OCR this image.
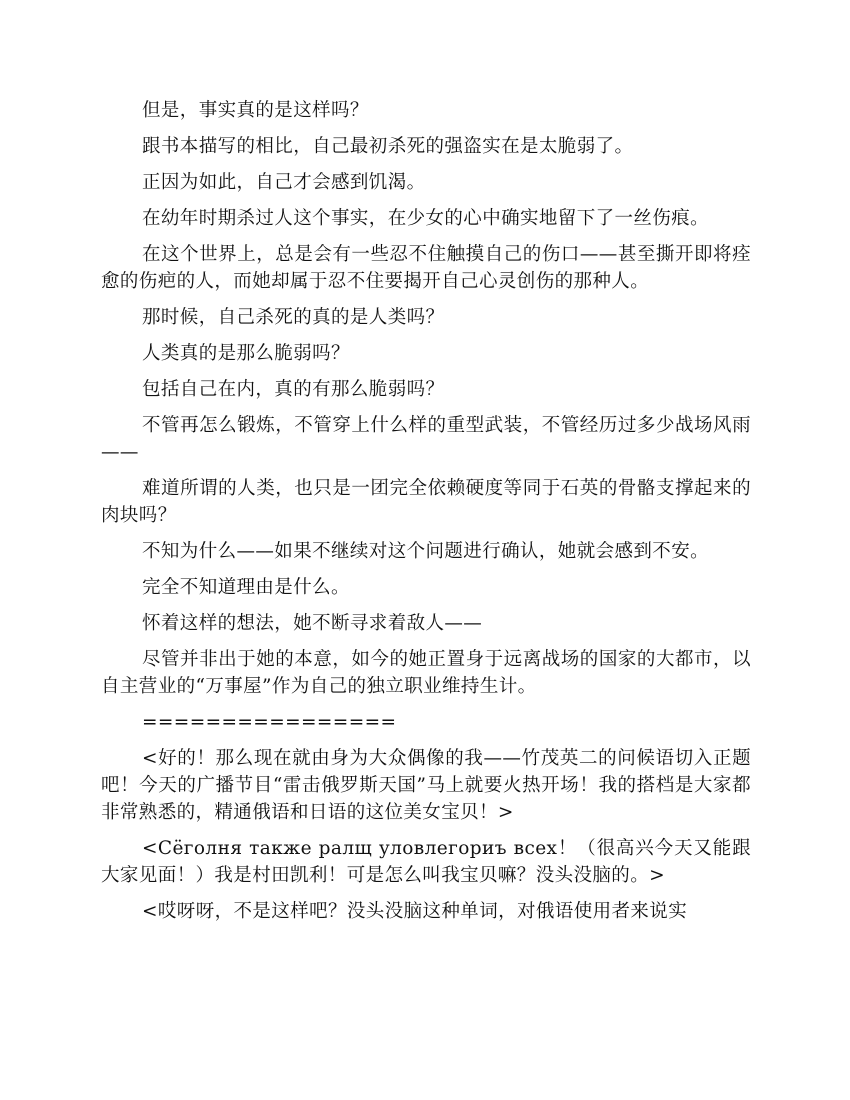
但是，事实真的是这样吗？

跟书本描写的相比，自己最初杀死的强盗实在是太脆弱了。

正因为如此，自己才会感到饥渴。

在幼年时期杀过人这个事实，在少女的心中确实地留下了一丝伤痕。

在这个世界上，总是会有一些忍不住触摸自己的伤口——甚至撕开即将痊愈的伤疤的人，而她却属于忍不住要揭开自己心灵创伤的那种人。

那时候，自己杀死的真的是人类吗？

人类真的是那么脆弱吗？

包括自己在内，真的有那么脆弱吗？

不管再怎么锻炼，不管穿上什么样的重型武装，不管经历过多少战场风雨——

难道所谓的人类，也只是一团完全依赖硬度等同于石英的骨骼支撑起来的肉块吗？

不知为什么——如果不继续对这个问题进行确认，她就会感到不安。

完全不知道理由是什么。

怀着这样的想法，她不断寻求着敌人——

尽管并非出于她的本意，如今的她正置身于远离战场的国家的大都市，以自主营业的“万事屋”作为自己的独立职业维持生计。

================

<好的！那么现在就由身为大众偶像的我——竹茂英二的问候语切入正题吧！今天的广播节目“雷击俄罗斯天国”马上就要火热开场！我的搭档是大家都非常熟悉的，精通俄语和日语的这位美女宝贝！>

<Сёголня также ралщ уловлегориъ всех！（很高兴今天又能跟大家见面！）我是村田凯利！可是怎么叫我宝贝嘛？没头没脑的。>

<哎呀呀，不是这样吧？没头没脑这种单词，对俄语使用者来说实
